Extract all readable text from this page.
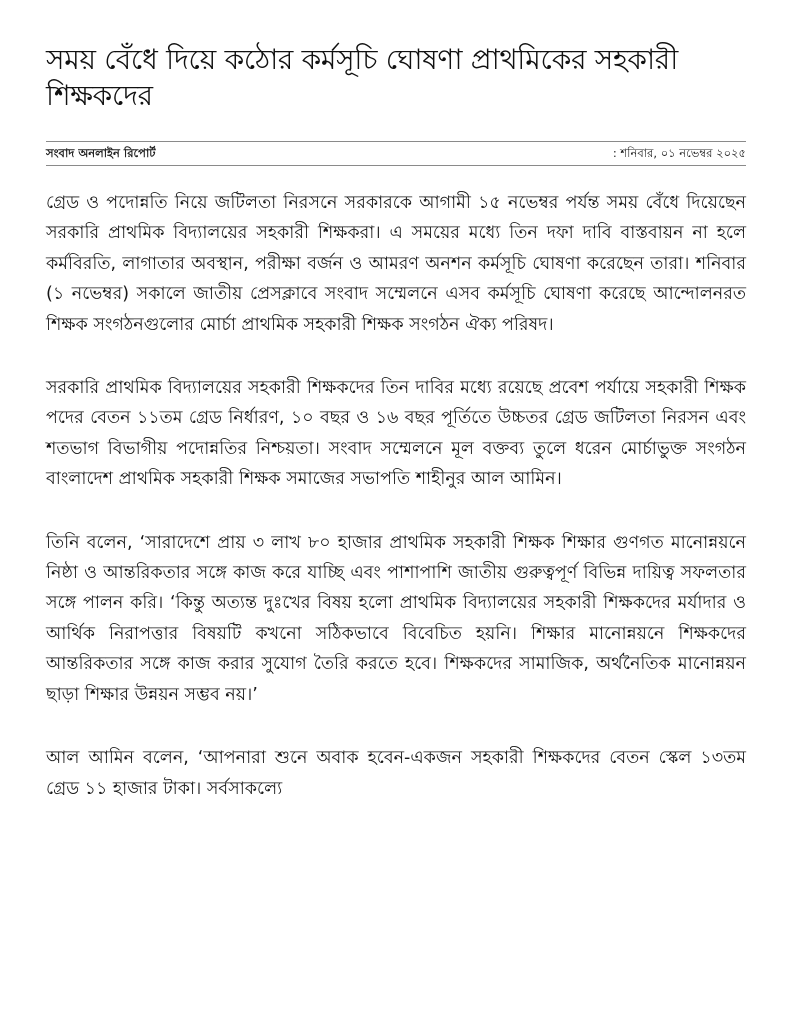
সময় বেঁধে দিয়ে কঠোর কর্মসূচি ঘোষণা প্রাথমিকের সহকারী শিক্ষকদের
সংবাদ অনলাইন রিপোর্ট	: শনিবার, ০১ নভেম্বর ২০২৫

গ্রেড ও পদোন্নতি নিয়ে জটিলতা নিরসনে সরকারকে আগামী ১৫ নভেম্বর পর্যন্ত সময় বেঁধে দিয়েছেন সরকারি প্রাথমিক বিদ্যালয়ের সহকারী শিক্ষকরা। এ সময়ের মধ্যে তিন দফা দাবি বাস্তবায়ন না হলে কর্মবিরতি, লাগাতার অবস্থান, পরীক্ষা বর্জন ও আমরণ অনশন কর্মসূচি ঘোষণা করেছেন তারা। শনিবার (১ নভেম্বর) সকালে জাতীয় প্রেসক্লাবে সংবাদ সম্মেলনে এসব কর্মসূচি ঘোষণা করেছে আন্দোলনরত শিক্ষক সংগঠনগুলোর মোর্চা প্রাথমিক সহকারী শিক্ষক সংগঠন ঐক্য পরিষদ।

সরকারি প্রাথমিক বিদ্যালয়ের সহকারী শিক্ষকদের তিন দাবির মধ্যে রয়েছে প্রবেশ পর্যায়ে সহকারী শিক্ষক পদের বেতন ১১তম গ্রেড নির্ধারণ, ১০ বছর ও ১৬ বছর পূর্তিতে উচ্চতর গ্রেড জটিলতা নিরসন এবং শতভাগ বিভাগীয় পদোন্নতির নিশ্চয়তা। সংবাদ সম্মেলনে মূল বক্তব্য তুলে ধরেন মোর্চাভুক্ত সংগঠন বাংলাদেশ প্রাথমিক সহকারী শিক্ষক সমাজের সভাপতি শাহীনুর আল আমিন।

তিনি বলেন, ‘সারাদেশে প্রায় ৩ লাখ ৮০ হাজার প্রাথমিক সহকারী শিক্ষক শিক্ষার গুণগত মানোন্নয়নে নিষ্ঠা ও আন্তরিকতার সঙ্গে কাজ করে যাচ্ছি এবং পাশাপাশি জাতীয় গুরুত্বপূর্ণ বিভিন্ন দায়িত্ব সফলতার সঙ্গে পালন করি। ‘কিন্তু অত্যন্ত দুঃখের বিষয় হলো প্রাথমিক বিদ্যালয়ের সহকারী শিক্ষকদের মর্যাদার ও আর্থিক নিরাপত্তার বিষয়টি কখনো সঠিকভাবে বিবেচিত হয়নি। শিক্ষার মানোন্নয়নে শিক্ষকদের আন্তরিকতার সঙ্গে কাজ করার সুযোগ তৈরি করতে হবে। শিক্ষকদের সামাজিক, অর্থনৈতিক মানোন্নয়ন ছাড়া শিক্ষার উন্নয়ন সম্ভব নয়।’

আল আমিন বলেন, ‘আপনারা শুনে অবাক হবেন-একজন সহকারী শিক্ষকদের বেতন স্কেল ১৩তম গ্রেড ১১ হাজার টাকা। সর্বসাকল্যে
